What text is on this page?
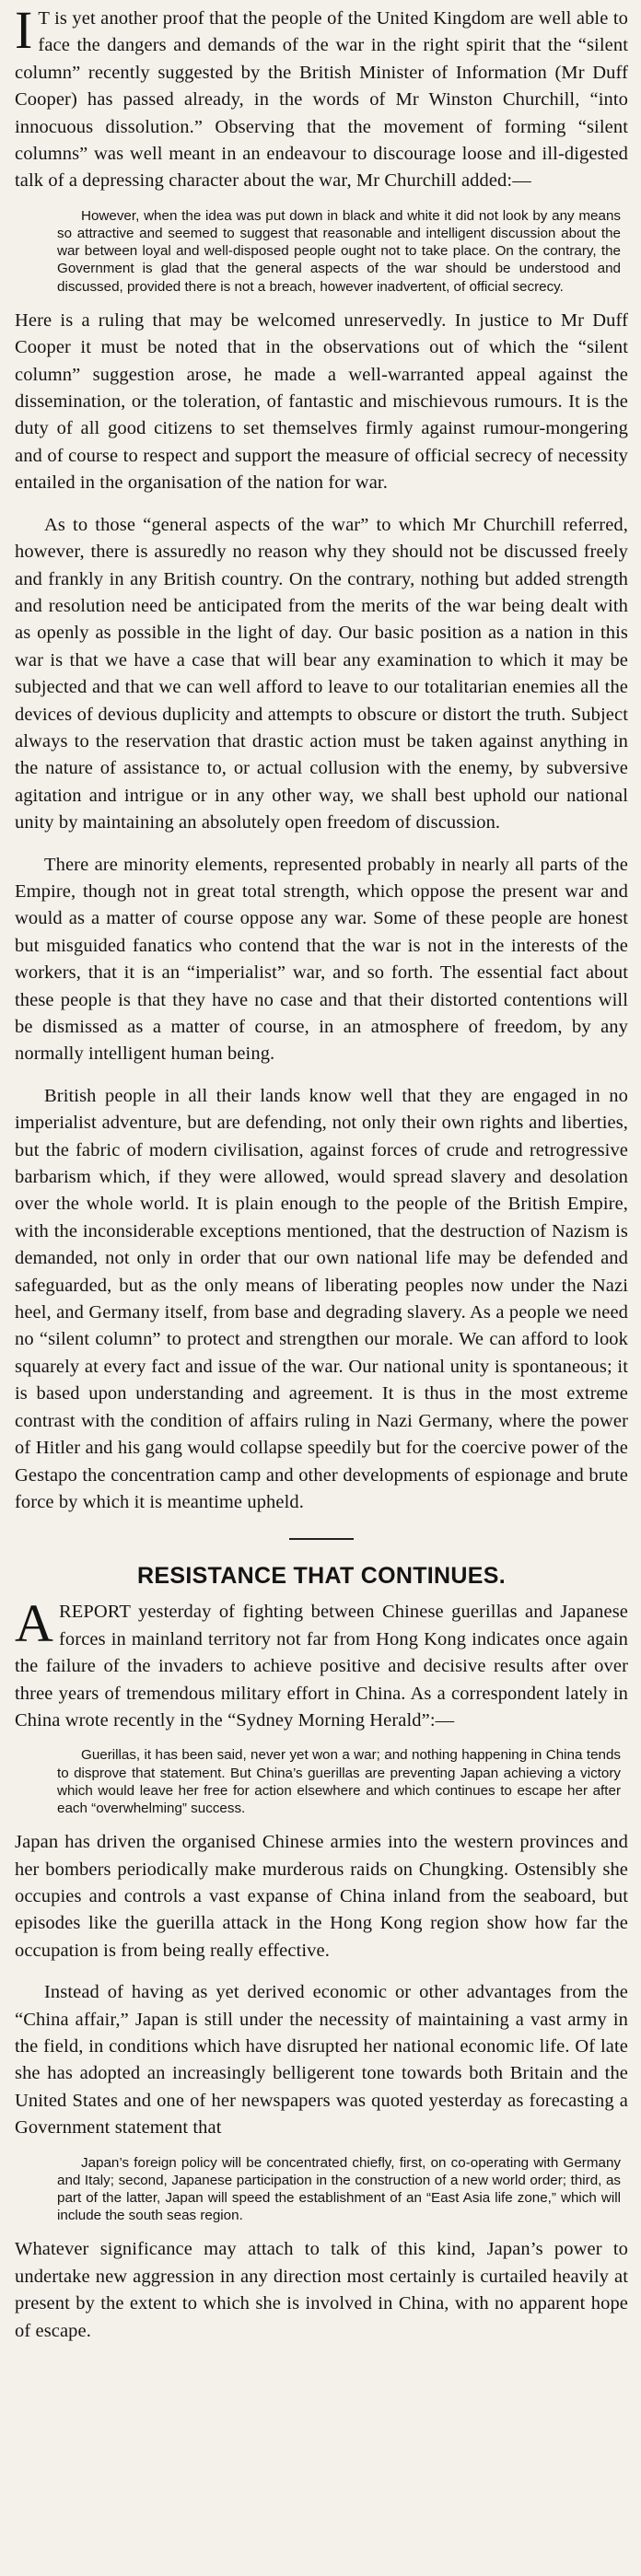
I T is yet another proof that the people of the United Kingdom are well able to face the dangers and demands of the war in the right spirit that the “silent column” recently suggested by the British Minister of Information (Mr Duff Cooper) has passed already, in the words of Mr Winston Churchill, “into innocuous dissolution.” Observing that the movement of forming “silent columns” was well meant in an endeavour to discourage loose and ill-digested talk of a depressing character about the war, Mr Churchill added:—

However, when the idea was put down in black and white it did not look by any means so attractive and seemed to suggest that reasonable and intelligent discussion about the war between loyal and well-disposed people ought not to take place. On the contrary, the Government is glad that the general aspects of the war should be understood and discussed, provided there is not a breach, however inadvertent, of official secrecy.

Here is a ruling that may be welcomed unreservedly. In justice to Mr Duff Cooper it must be noted that in the observations out of which the “silent column” suggestion arose, he made a well-warranted appeal against the dissemination, or the toleration, of fantastic and mischievous rumours. It is the duty of all good citizens to set themselves firmly against rumour-mongering and of course to respect and support the measure of official secrecy of necessity entailed in the organisation of the nation for war.

As to those “general aspects of the war” to which Mr Churchill referred, however, there is assuredly no reason why they should not be discussed freely and frankly in any British country. On the contrary, nothing but added strength and resolution need be anticipated from the merits of the war being dealt with as openly as possible in the light of day. Our basic position as a nation in this war is that we have a case that will bear any examination to which it may be subjected and that we can well afford to leave to our totalitarian enemies all the devices of devious duplicity and attempts to obscure or distort the truth. Subject always to the reservation that drastic action must be taken against anything in the nature of assistance to, or actual collusion with the enemy, by subversive agitation and intrigue or in any other way, we shall best uphold our national unity by maintaining an absolutely open freedom of discussion.

There are minority elements, represented probably in nearly all parts of the Empire, though not in great total strength, which oppose the present war and would as a matter of course oppose any war. Some of these people are honest but misguided fanatics who contend that the war is not in the interests of the workers, that it is an “imperialist” war, and so forth. The essential fact about these people is that they have no case and that their distorted contentions will be dismissed as a matter of course, in an atmosphere of freedom, by any normally intelligent human being.

British people in all their lands know well that they are engaged in no imperialist adventure, but are defending, not only their own rights and liberties, but the fabric of modern civilisation, against forces of crude and retrogressive barbarism which, if they were allowed, would spread slavery and desolation over the whole world. It is plain enough to the people of the British Empire, with the inconsiderable exceptions mentioned, that the destruction of Nazism is demanded, not only in order that our own national life may be defended and safeguarded, but as the only means of liberating peoples now under the Nazi heel, and Germany itself, from base and degrading slavery. As a people we need no “silent column” to protect and strengthen our morale. We can afford to look squarely at every fact and issue of the war. Our national unity is spontaneous; it is based upon understanding and agreement. It is thus in the most extreme contrast with the condition of affairs ruling in Nazi Germany, where the power of Hitler and his gang would collapse speedily but for the coercive power of the Gestapo the concentration camp and other developments of espionage and brute force by which it is meantime upheld.

RESISTANCE THAT CONTINUES.

AREPORT yesterday of fighting between Chinese guerillas and Japanese forces in mainland territory not far from Hong Kong indicates once again the failure of the invaders to achieve positive and decisive results after over three years of tremendous military effort in China. As a correspondent lately in China wrote recently in the “Sydney Morning Herald”:—

Guerillas, it has been said, never yet won a war; and nothing happening in China tends to disprove that statement. But China’s guerillas are preventing Japan achieving a victory which would leave her free for action elsewhere and which continues to escape her after each “overwhelming” success.

Japan has driven the organised Chinese armies into the western provinces and her bombers periodically make murderous raids on Chungking. Ostensibly she occupies and controls a vast expanse of China inland from the seaboard, but episodes like the guerilla attack in the Hong Kong region show how far the occupation is from being really effective.

Instead of having as yet derived economic or other advantages from the “China affair,” Japan is still under the necessity of maintaining a vast army in the field, in conditions which have disrupted her national economic life. Of late she has adopted an increasingly belligerent tone towards both Britain and the United States and one of her newspapers was quoted yesterday as forecasting a Government statement that

Japan’s foreign policy will be concentrated chiefly, first, on co-operating with Germany and Italy; second, Japanese participation in the construction of a new world order; third, as part of the latter, Japan will speed the establishment of an “East Asia life zone,” which will include the south seas region.

Whatever significance may attach to talk of this kind, Japan’s power to undertake new aggression in any direction most certainly is curtailed heavily at present by the extent to which she is involved in China, with no apparent hope of escape.
